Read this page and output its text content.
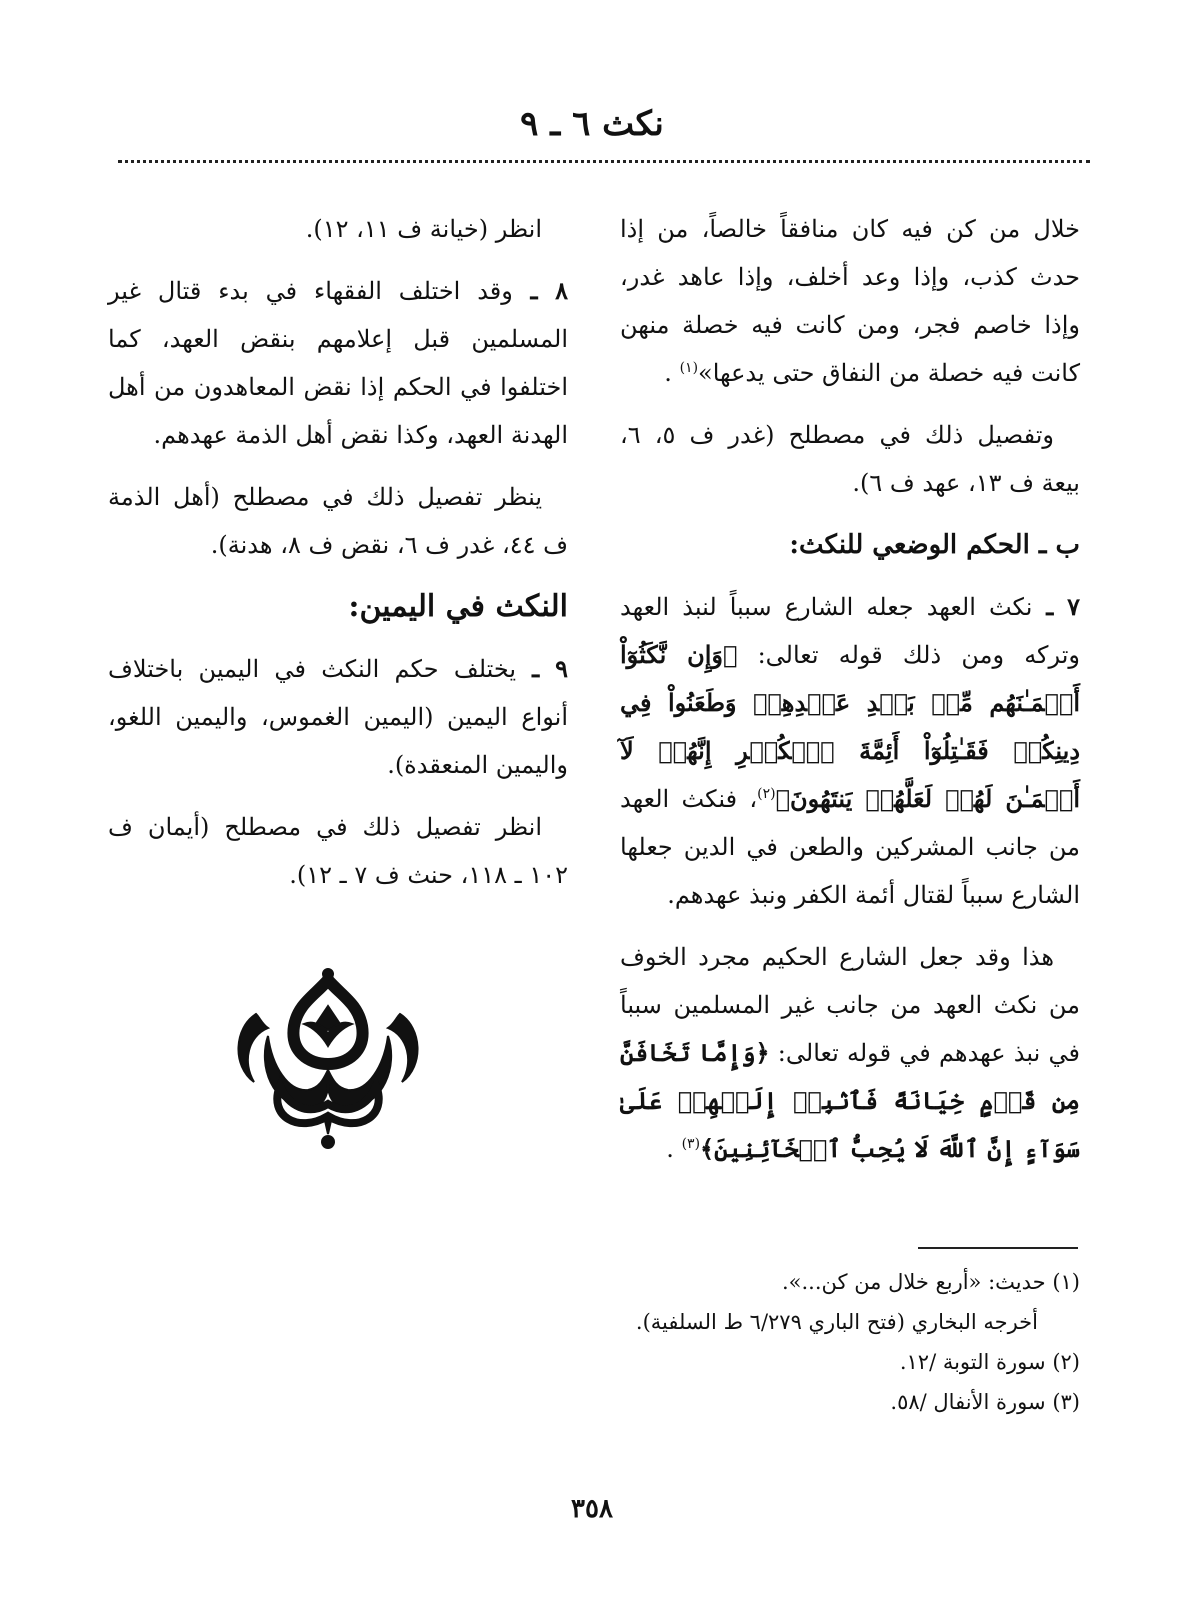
نكث ٦ ـ ٩

خلال من كن فيه كان منافقاً خالصاً، من إذا حدث كذب، وإذا وعد أخلف، وإذا عاهد غدر، وإذا خاصم فجر، ومن كانت فيه خصلة منهن كانت فيه خصلة من النفاق حتى يدعها»$^{(١)}$ .

وتفصيل ذلك في مصطلح (غدر ف ٥، ٦، بيعة ف ١٣، عهد ف ٦).

ب ـ الحكم الوضعي للنكث:

٧ ـ نكث العهد جعله الشارع سبباً لنبذ العهد وتركه ومن ذلك قوله تعالى: ﴿وَإِن نَّكَثُوٓاْ أَيۡمَـٰنَهُم مِّنۢ بَعۡدِ عَهۡدِهِمۡ وَطَعَنُواْ فِي دِينِكُمۡ فَقَـٰتِلُوٓاْ أَئِمَّةَ ٱلۡكُفۡرِ إِنَّهُمۡ لَآ أَيۡمَـٰنَ لَهُمۡ لَعَلَّهُمۡ يَنتَهُونَ﴾$^{(٢)}$، فنكث العهد من جانب المشركين والطعن في الدين جعلها الشارع سبباً لقتال أئمة الكفر ونبذ عهدهم.

هذا وقد جعل الشارع الحكيم مجرد الخوف من نكث العهد من جانب غير المسلمين سبباً في نبذ عهدهم في قوله تعالى: ﴿وَإِمَّا تَخَافَنَّ مِن قَوۡمٍ خِيَانَةً فَٱنۢبِذۡ إِلَيۡهِمۡ عَلَىٰ سَوَآءٍ إِنَّ ٱللَّهَ لَا يُحِبُّ ٱلۡخَآئِنِينَ﴾$^{(٣)}$ .

انظر (خيانة ف ١١، ١٢).

٨ ـ وقد اختلف الفقهاء في بدء قتال غير المسلمين قبل إعلامهم بنقض العهد، كما اختلفوا في الحكم إذا نقض المعاهدون من أهل الهدنة العهد، وكذا نقض أهل الذمة عهدهم.

ينظر تفصيل ذلك في مصطلح (أهل الذمة ف ٤٤، غدر ف ٦، نقض ف ٨، هدنة).

النكث في اليمين:

٩ ـ يختلف حكم النكث في اليمين باختلاف أنواع اليمين (اليمين الغموس، واليمين اللغو، واليمين المنعقدة).

انظر تفصيل ذلك في مصطلح (أيمان ف ١٠٢ ـ ١١٨، حنث ف ٧ ـ ١٢).

(١) حديث: «أربع خلال من كن...».

أخرجه البخاري (فتح الباري ٦/٢٧٩ ط السلفية).

(٢) سورة التوبة /١٢.

(٣) سورة الأنفال /٥٨.

٣٥٨
